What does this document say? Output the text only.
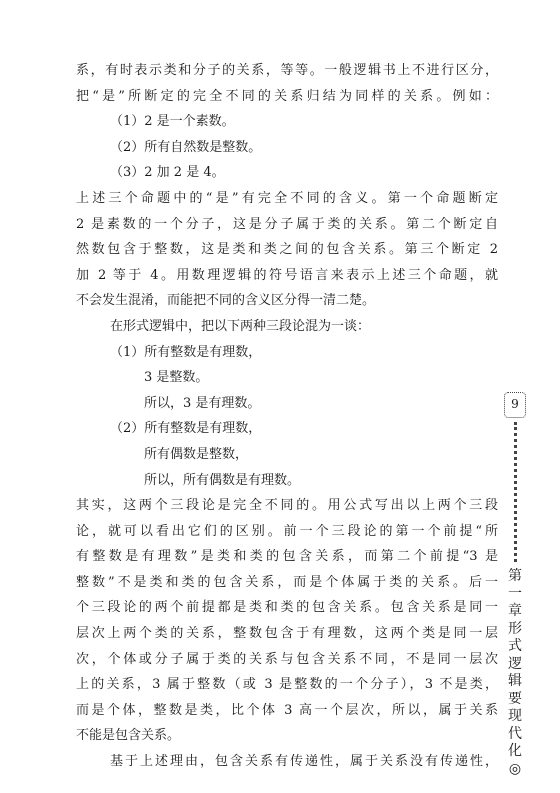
系，有时表示类和分子的关系，等等。一般逻辑书上不进行区分，
把“是”所断定的完全不同的关系归结为同样的关系。例如：
（1）2 是一个素数。
（2）所有自然数是整数。
（3）2 加 2 是 4。
上述三个命题中的“是”有完全不同的含义。第一个命题断定
2 是素数的一个分子，这是分子属于类的关系。第二个断定自
然数包含于整数，这是类和类之间的包含关系。第三个断定 2
加 2 等于 4。用数理逻辑的符号语言来表示上述三个命题，就
不会发生混淆，而能把不同的含义区分得一清二楚。
在形式逻辑中，把以下两种三段论混为一谈：
（1）所有整数是有理数，
3 是整数。
所以，3 是有理数。
（2）所有整数是有理数，
所有偶数是整数，
所以，所有偶数是有理数。
其实，这两个三段论是完全不同的。用公式写出以上两个三段
论，就可以看出它们的区别。前一个三段论的第一个前提“所
有整数是有理数”是类和类的包含关系，而第二个前提“3 是
整数”不是类和类的包含关系，而是个体属于类的关系。后一
个三段论的两个前提都是类和类的包含关系。包含关系是同一
层次上两个类的关系，整数包含于有理数，这两个类是同一层
次，个体或分子属于类的关系与包含关系不同，不是同一层次
上的关系，3 属于整数（或 3 是整数的一个分子），3 不是类，
而是个体，整数是类，比个体 3 高一个层次，所以，属于关系
不能是包含关系。
基于上述理由，包含关系有传递性，属于关系没有传递性，
9
第一章　形式逻辑要现代化◎
